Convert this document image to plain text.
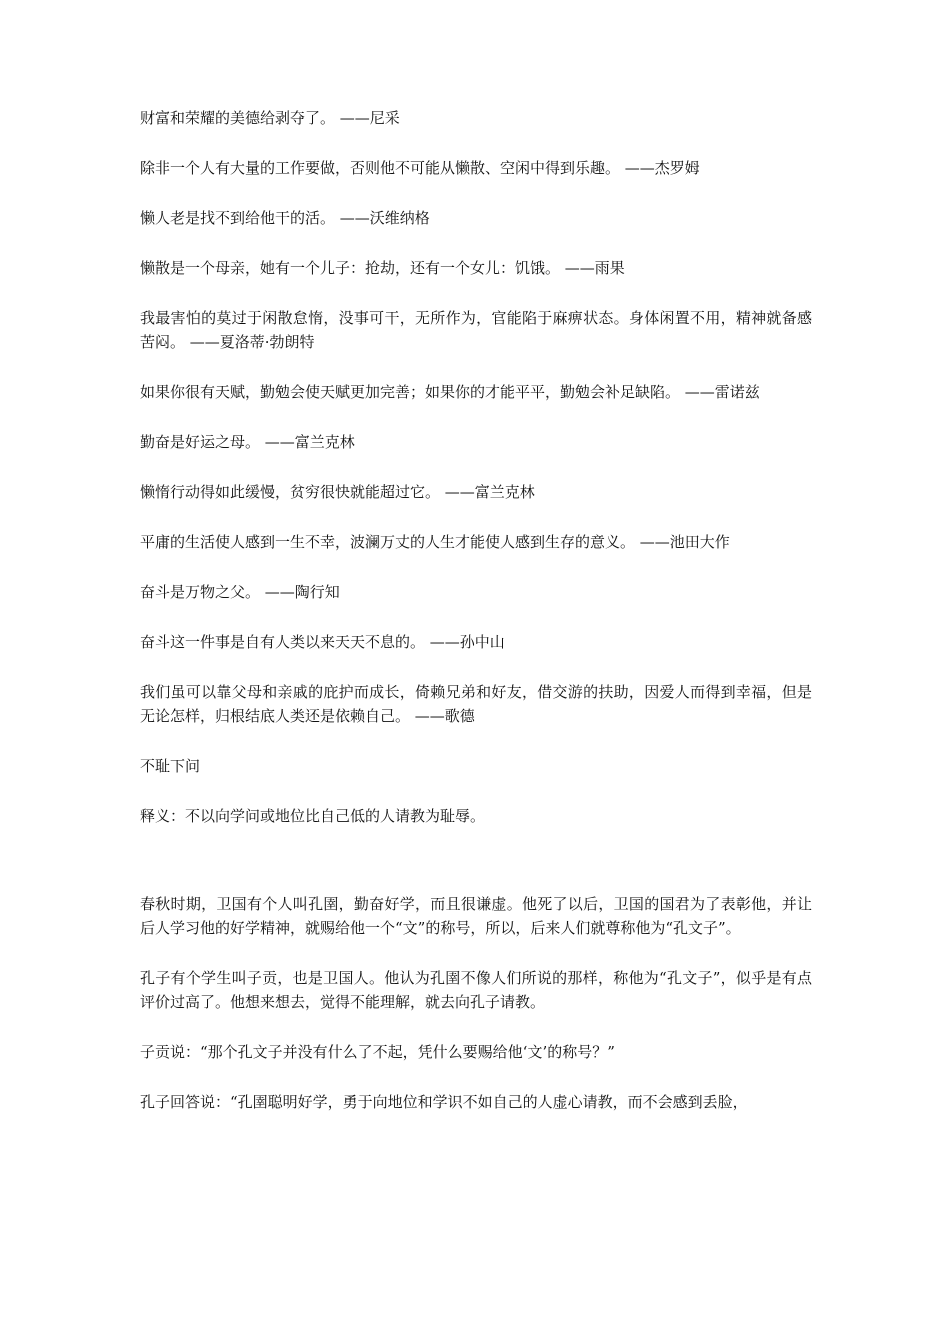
财富和荣耀的美德给剥夺了。 ——尼采

除非一个人有大量的工作要做，否则他不可能从懒散、空闲中得到乐趣。 ——杰罗姆

懒人老是找不到给他干的活。 ——沃维纳格

懒散是一个母亲，她有一个儿子：抢劫，还有一个女儿：饥饿。 ——雨果

我最害怕的莫过于闲散怠惰，没事可干，无所作为，官能陷于麻痹状态。身体闲置不用，精神就备感苦闷。 ——夏洛蒂·勃朗特

如果你很有天赋，勤勉会使天赋更加完善；如果你的才能平平，勤勉会补足缺陷。 ——雷诺兹

勤奋是好运之母。 ——富兰克林

懒惰行动得如此缓慢，贫穷很快就能超过它。 ——富兰克林

平庸的生活使人感到一生不幸，波澜万丈的人生才能使人感到生存的意义。 ——池田大作

奋斗是万物之父。 ——陶行知

奋斗这一件事是自有人类以来天天不息的。 ——孙中山

我们虽可以靠父母和亲戚的庇护而成长，倚赖兄弟和好友，借交游的扶助，因爱人而得到幸福，但是无论怎样，归根结底人类还是依赖自己。 ——歌德

不耻下问

释义：不以向学问或地位比自己低的人请教为耻辱。

春秋时期，卫国有个人叫孔圉，勤奋好学，而且很谦虚。他死了以后，卫国的国君为了表彰他，并让后人学习他的好学精神，就赐给他一个“文”的称号，所以，后来人们就尊称他为“孔文子”。

孔子有个学生叫子贡，也是卫国人。他认为孔圉不像人们所说的那样，称他为“孔文子”，似乎是有点评价过高了。他想来想去，觉得不能理解，就去向孔子请教。

子贡说：“那个孔文子并没有什么了不起，凭什么要赐给他‘文’的称号？”

孔子回答说：“孔圉聪明好学，勇于向地位和学识不如自己的人虚心请教，而不会感到丢脸，
